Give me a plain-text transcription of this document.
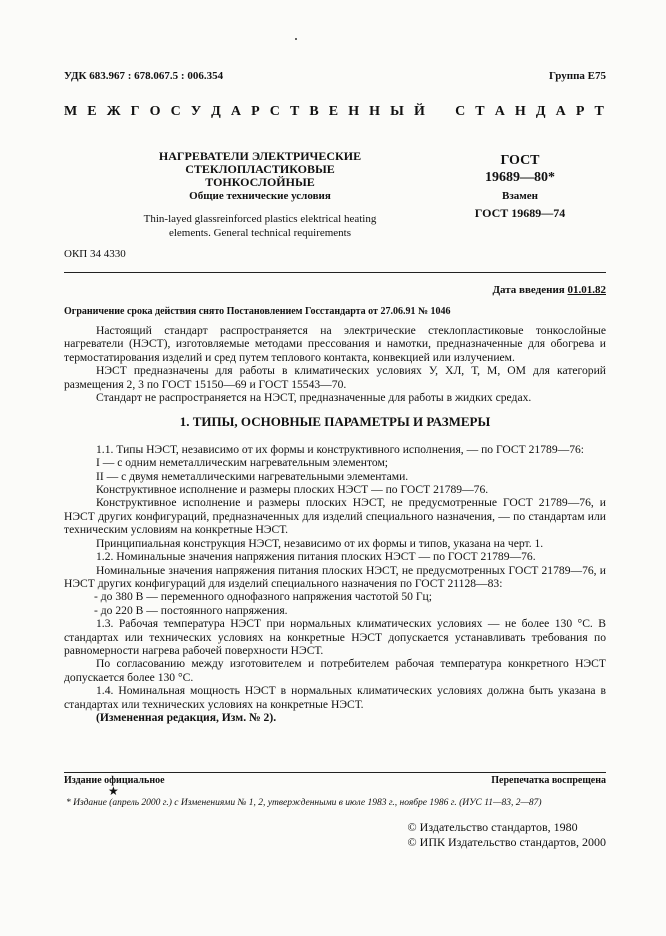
УДК 683.967 : 678.067.5 : 006.354	Группа Е75
М Е Ж Г О С У Д А Р С Т В Е Н Н Ы Й С Т А Н Д А Р Т
НАГРЕВАТЕЛИ ЭЛЕКТРИЧЕСКИЕ
СТЕКЛОПЛАСТИКОВЫЕ ТОНКОСЛОЙНЫЕ
Общие технические условия
Thin-layed glassreinforced plastics elektrical heating
elements. General technical requirements
ГОСТ
19689—80*
Взамен
ГОСТ 19689—74
ОКП 34 4330
Дата введения 01.01.82
Ограничение срока действия снято Постановлением Госстандарта от 27.06.91 № 1046

Настоящий стандарт распространяется на электрические стеклопластиковые тонкослойные нагреватели (НЭСТ), изготовляемые методами прессования и намотки, предназначенные для обогрева и термостатирования изделий и сред путем теплового контакта, конвекцией или излучением.

НЭСТ предназначены для работы в климатических условиях У, ХЛ, Т, М, ОМ для категорий размещения 2, 3 по ГОСТ 15150—69 и ГОСТ 15543—70.

Стандарт не распространяется на НЭСТ, предназначенные для работы в жидких средах.

1. ТИПЫ, ОСНОВНЫЕ ПАРАМЕТРЫ И РАЗМЕРЫ

1.1. Типы НЭСТ, независимо от их формы и конструктивного исполнения, — по ГОСТ 21789—76:

I — с одним неметаллическим нагревательным элементом;

II — с двумя неметаллическими нагревательными элементами.

Конструктивное исполнение и размеры плоских НЭСТ — по ГОСТ 21789—76.

Конструктивное исполнение и размеры плоских НЭСТ, не предусмотренные ГОСТ 21789—76, и НЭСТ других конфигураций, предназначенных для изделий специального назначения, — по стандартам или техническим условиям на конкретные НЭСТ.

Принципиальная конструкция НЭСТ, независимо от их формы и типов, указана на черт. 1.

1.2. Номинальные значения напряжения питания плоских НЭСТ — по ГОСТ 21789—76.

Номинальные значения напряжения питания плоских НЭСТ, не предусмотренных ГОСТ 21789—76, и НЭСТ других конфигураций для изделий специального назначения по ГОСТ 21128—83:

- до 380 В — переменного однофазного напряжения частотой 50 Гц;

- до 220 В — постоянного напряжения.

1.3. Рабочая температура НЭСТ при нормальных климатических условиях — не более 130 °С. В стандартах или технических условиях на конкретные НЭСТ допускается устанавливать требования по равномерности нагрева рабочей поверхности НЭСТ.

По согласованию между изготовителем и потребителем рабочая температура конкретного НЭСТ допускается более 130 °С.

1.4. Номинальная мощность НЭСТ в нормальных климатических условиях должна быть указана в стандартах или технических условиях на конкретные НЭСТ.

(Измененная редакция, Изм. № 2).

Издание официальное	Перепечатка воспрещена
★
* Издание (апрель 2000 г.) с Изменениями № 1, 2, утвержденными в июле 1983 г., ноябре 1986 г. (ИУС 11—83, 2—87)
© Издательство стандартов, 1980
© ИПК Издательство стандартов, 2000
